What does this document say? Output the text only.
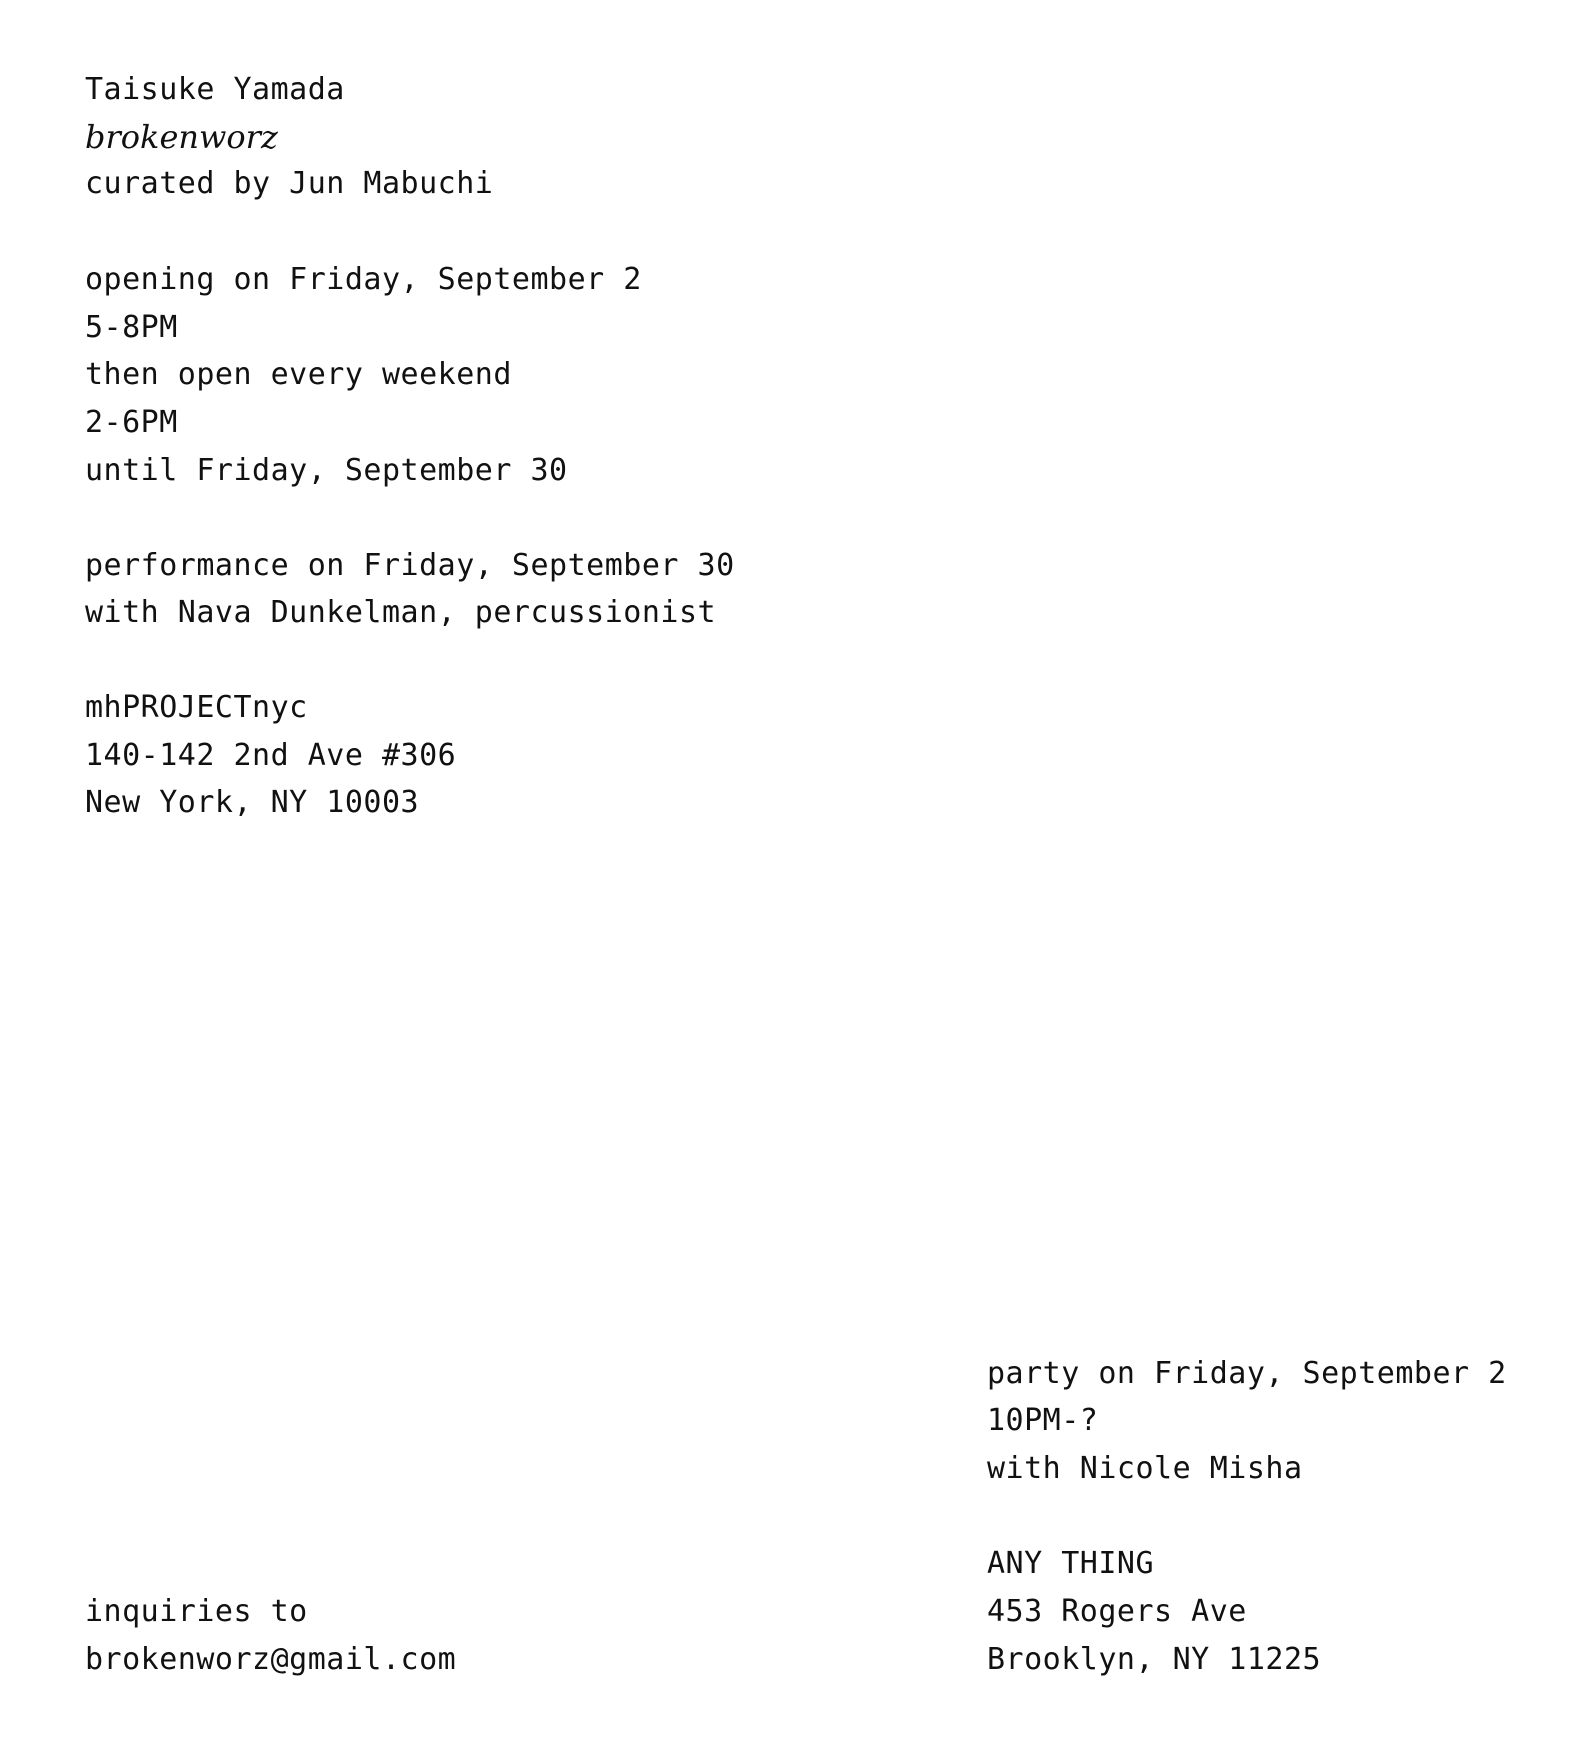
Taisuke Yamada
brokenworz
curated by Jun Mabuchi
opening on Friday, September 2
5-8PM
then open every weekend
2-6PM
until Friday, September 30
performance on Friday, September 30
with Nava Dunkelman, percussionist
mhPROJECTnyc
140-142 2nd Ave #306
New York, NY 10003
party on Friday, September 2
10PM-?
with Nicole Misha
ANY THING
453 Rogers Ave
Brooklyn, NY 11225
inquiries to
brokenworz@gmail.com
